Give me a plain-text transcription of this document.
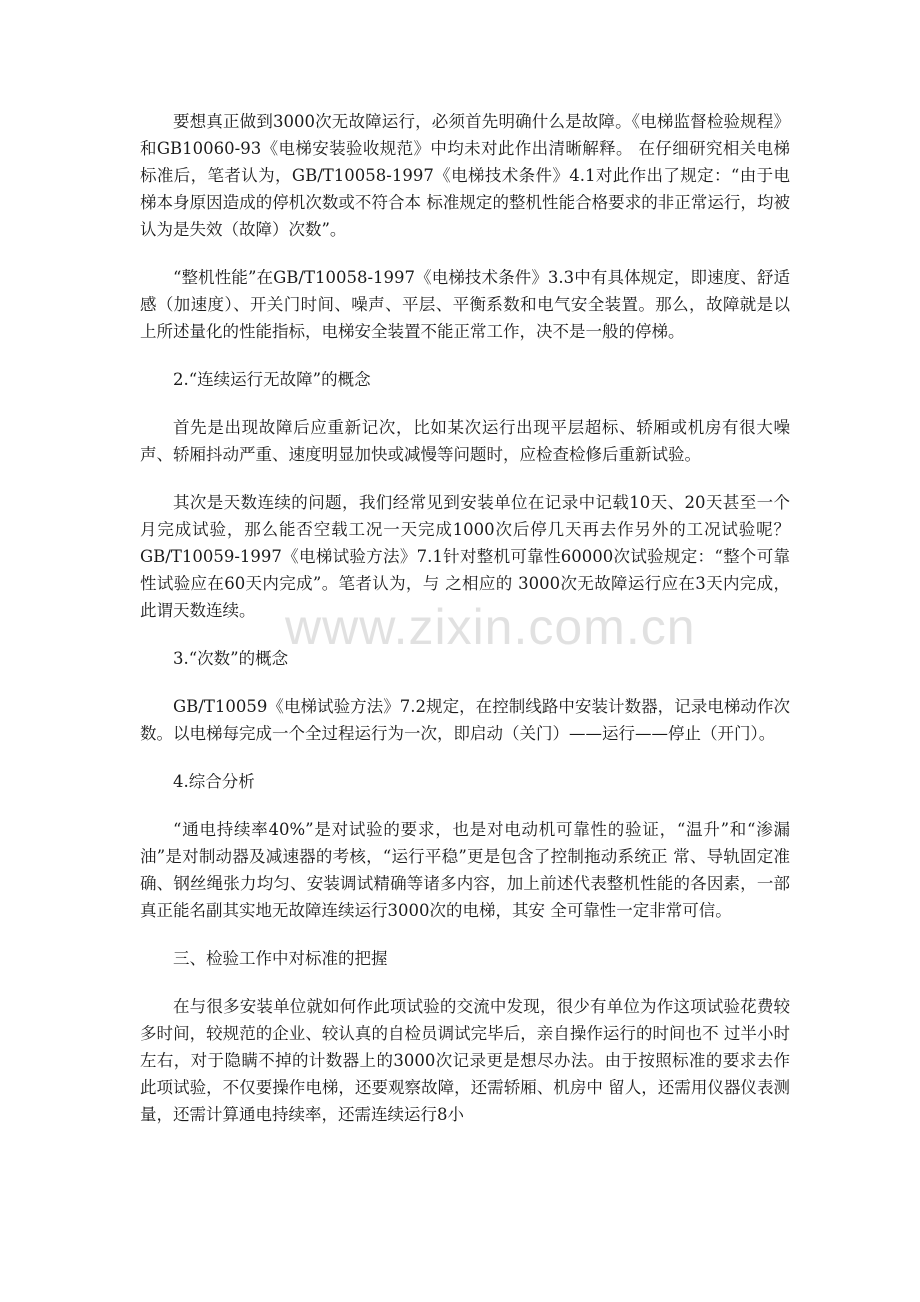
要想真正做到3000次无故障运行，必须首先明确什么是故障。《电梯监督检验规程》和GB10060-93《电梯安装验收规范》中均未对此作出清晰解释。 在仔细研究相关电梯标准后，笔者认为，GB/T10058-1997《电梯技术条件》4.1对此作出了规定：“由于电梯本身原因造成的停机次数或不符合本 标准规定的整机性能合格要求的非正常运行，均被认为是失效（故障）次数”。

“整机性能”在GB/T10058-1997《电梯技术条件》3.3中有具体规定，即速度、舒适感（加速度）、开关门时间、噪声、平层、平衡系数和电气安全装置。那么，故障就是以上所述量化的性能指标，电梯安全装置不能正常工作，决不是一般的停梯。

2.“连续运行无故障”的概念

首先是出现故障后应重新记次，比如某次运行出现平层超标、轿厢或机房有很大噪声、轿厢抖动严重、速度明显加快或减慢等问题时，应检查检修后重新试验。

其次是天数连续的问题，我们经常见到安装单位在记录中记载10天、20天甚至一个月完成试验，那么能否空载工况一天完成1000次后停几天再去作另外的工况试验呢？GB/T10059-1997《电梯试验方法》7.1针对整机可靠性60000次试验规定：“整个可靠性试验应在60天内完成”。笔者认为，与 之相应的 3000次无故障运行应在3天内完成，此谓天数连续。

3.“次数”的概念

GB/T10059《电梯试验方法》7.2规定，在控制线路中安装计数器，记录电梯动作次数。以电梯每完成一个全过程运行为一次，即启动（关门）——运行——停止（开门）。

4.综合分析

“通电持续率40%”是对试验的要求，也是对电动机可靠性的验证，“温升”和“渗漏油”是对制动器及减速器的考核，“运行平稳”更是包含了控制拖动系统正 常、导轨固定准确、钢丝绳张力均匀、安装调试精确等诸多内容，加上前述代表整机性能的各因素，一部真正能名副其实地无故障连续运行3000次的电梯，其安 全可靠性一定非常可信。

三、检验工作中对标准的把握

在与很多安装单位就如何作此项试验的交流中发现，很少有单位为作这项试验花费较多时间，较规范的企业、较认真的自检员调试完毕后，亲自操作运行的时间也不 过半小时左右，对于隐瞒不掉的计数器上的3000次记录更是想尽办法。由于按照标准的要求去作此项试验，不仅要操作电梯，还要观察故障，还需轿厢、机房中 留人，还需用仪器仪表测量，还需计算通电持续率，还需连续运行8小

www.zixin.com.cn
